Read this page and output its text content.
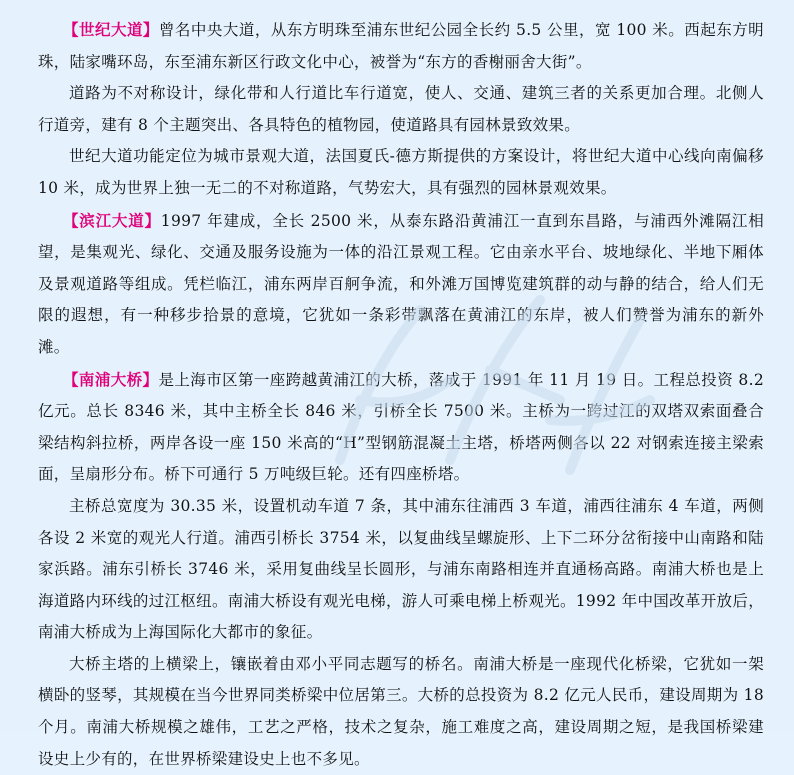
【世纪大道】曾名中央大道，从东方明珠至浦东世纪公园全长约 5.5 公里，宽 100 米。西起东方明珠，陆家嘴环岛，东至浦东新区行政文化中心，被誉为“东方的香榭丽舍大街”。

道路为不对称设计，绿化带和人行道比车行道宽，使人、交通、建筑三者的关系更加合理。北侧人行道旁，建有 8 个主题突出、各具特色的植物园，使道路具有园林景致效果。

世纪大道功能定位为城市景观大道，法国夏氏-德方斯提供的方案设计，将世纪大道中心线向南偏移 10 米，成为世界上独一无二的不对称道路，气势宏大，具有强烈的园林景观效果。

【滨江大道】1997 年建成，全长 2500 米，从泰东路沿黄浦江一直到东昌路，与浦西外滩隔江相望，是集观光、绿化、交通及服务设施为一体的沿江景观工程。它由亲水平台、坡地绿化、半地下厢体及景观道路等组成。凭栏临江，浦东两岸百舸争流，和外滩万国博览建筑群的动与静的结合，给人们无限的遐想，有一种移步拾景的意境，它犹如一条彩带飘落在黄浦江的东岸，被人们赞誉为浦东的新外滩。

【南浦大桥】是上海市区第一座跨越黄浦江的大桥，落成于 1991 年 11 月 19 日。工程总投资 8.2 亿元。总长 8346 米，其中主桥全长 846 米，引桥全长 7500 米。主桥为一跨过江的双塔双索面叠合梁结构斜拉桥，两岸各设一座 150 米高的“H”型钢筋混凝土主塔，桥塔两侧各以 22 对钢索连接主梁索面，呈扇形分布。桥下可通行 5 万吨级巨轮。还有四座桥塔。

主桥总宽度为 30.35 米，设置机动车道 7 条，其中浦东往浦西 3 车道，浦西往浦东 4 车道，两侧各设 2 米宽的观光人行道。浦西引桥长 3754 米，以复曲线呈螺旋形、上下二环分岔衔接中山南路和陆家浜路。浦东引桥长 3746 米，采用复曲线呈长圆形，与浦东南路相连并直通杨高路。南浦大桥也是上海道路内环线的过江枢纽。南浦大桥设有观光电梯，游人可乘电梯上桥观光。1992 年中国改革开放后，南浦大桥成为上海国际化大都市的象征。

大桥主塔的上横梁上，镶嵌着由邓小平同志题写的桥名。南浦大桥是一座现代化桥梁，它犹如一架横卧的竖琴，其规模在当今世界同类桥梁中位居第三。大桥的总投资为 8.2 亿元人民币，建设周期为 18 个月。南浦大桥规模之雄伟，工艺之严格，技术之复杂，施工难度之高，建设周期之短，是我国桥梁建设史上少有的，在世界桥梁建设史上也不多见。
